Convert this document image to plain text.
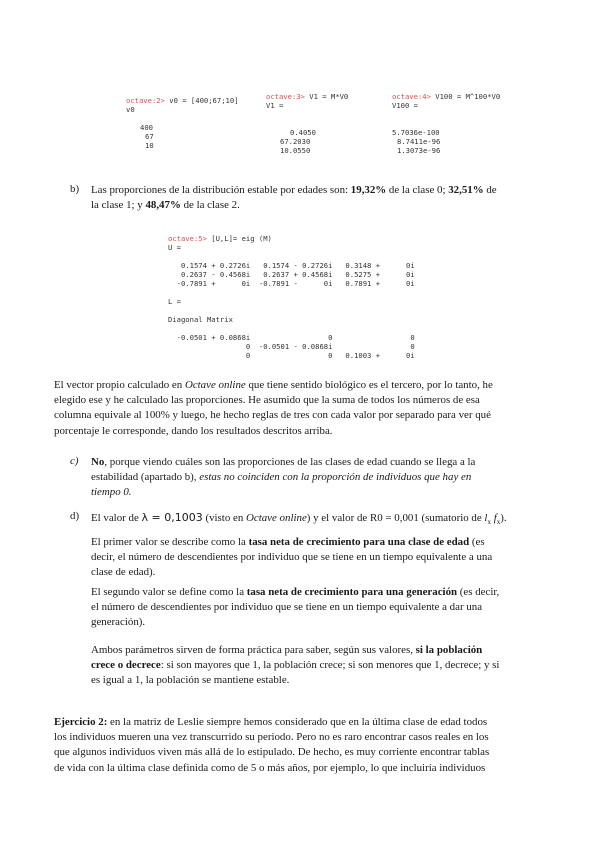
octave:2> v0 = [400;67;10]
v0

400
67
10
octave:3> V1 = M*V0
V1 =

0.4050
67.2030
10.0550
octave:4> V100 = M^100*V0
V100 =

5.7036e-100
8.7411e-96
1.3073e-96
b) Las proporciones de la distribución estable por edades son: 19,32% de la clase 0; 32,51% de
la clase 1; y 48,47% de la clase 2.
octave:5> [U,L]= eig (M)
U =

0.1574 + 0.2726i   0.1574 - 0.2726i   0.3148 +      0i
0.2637 - 0.4568i   0.2637 + 0.4568i   0.5275 +      0i
-0.7891 +      0i  -0.7891 -      0i   0.7891 +      0i

L =

Diagonal Matrix

-0.0501 + 0.0868i                  0                  0
0  -0.0501 - 0.0868i                  0
0                  0   0.1003 +      0i
El vector propio calculado en Octave online que tiene sentido biológico es el tercero, por lo tanto, he
elegido ese y he calculado las proporciones. He asumido que la suma de todos los números de esa
columna equivale al 100% y luego, he hecho reglas de tres con cada valor por separado para ver qué
porcentaje le corresponde, dando los resultados descritos arriba.
c) No, porque viendo cuáles son las proporciones de las clases de edad cuando se llega a la
estabilidad (apartado b), estas no coinciden con la proporción de individuos que hay en
tiempo 0.
d) El valor de λ = 0,1003 (visto en Octave online) y el valor de R0 = 0,001 (sumatorio de $l_x$ $f_x$).
El primer valor se describe como la tasa neta de crecimiento para una clase de edad (es
decir, el número de descendientes por individuo que se tiene en un tiempo equivalente a una
clase de edad).
El segundo valor se define como la tasa neta de crecimiento para una generación (es decir,
el número de descendientes por individuo que se tiene en un tiempo equivalente a dar una
generación).
Ambos parámetros sirven de forma práctica para saber, según sus valores, si la población
crece o decrece: si son mayores que 1, la población crece; si son menores que 1, decrece; y si
es igual a 1, la población se mantiene estable.
Ejercicio 2: en la matriz de Leslie siempre hemos considerado que en la última clase de edad todos
los individuos mueren una vez transcurrido su periodo. Pero no es raro encontrar casos reales en los
que algunos individuos viven más allá de lo estipulado. De hecho, es muy corriente encontrar tablas
de vida con la última clase definida como de 5 o más años, por ejemplo, lo que incluiría individuos
